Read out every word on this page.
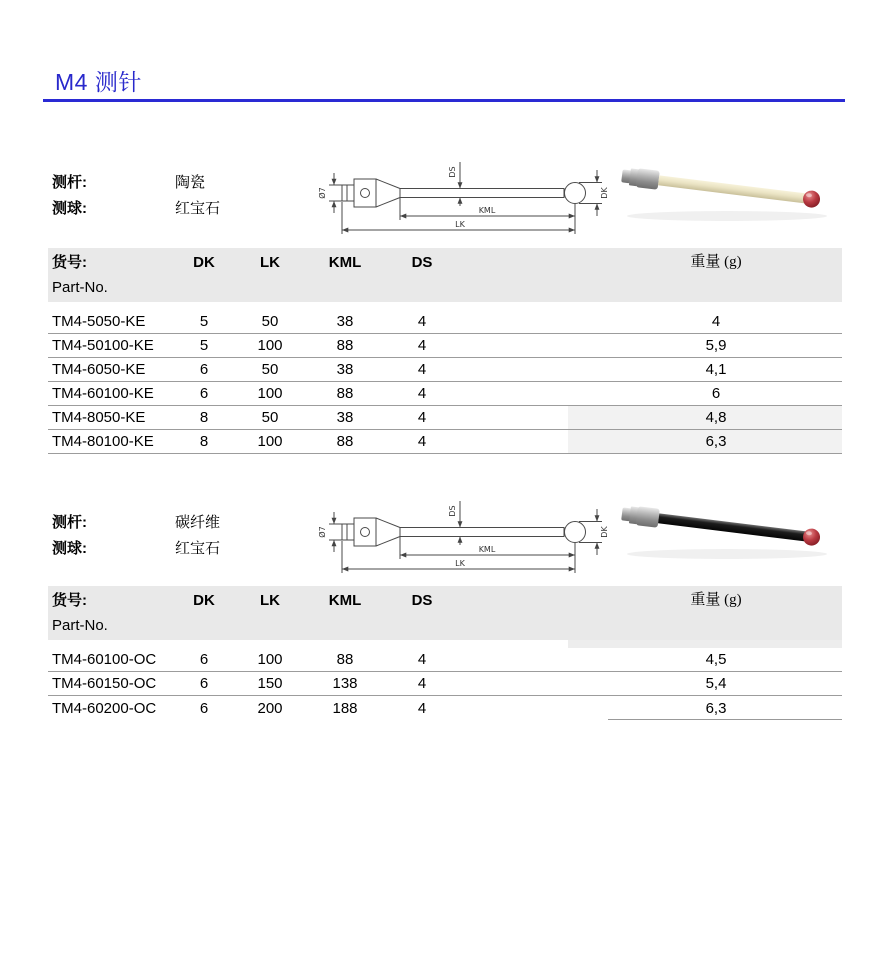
M4 测针
测杆:	陶瓷
测球:	红宝石
Ø7
DS
DK
KML
LK
货号:	DK	LK	KML	DS	重量 (g)
Part-No.
TM4-5050-KE	5	50	38	4	4
TM4-50100-KE	5	100	88	4	5,9
TM4-6050-KE	6	50	38	4	4,1
TM4-60100-KE	6	100	88	4	6
TM4-8050-KE	8	50	38	4	4,8
TM4-80100-KE	8	100	88	4	6,3
测杆:	碳纤维
测球:	红宝石
Ø7
DS
DK
KML
LK
货号:	DK	LK	KML	DS	重量 (g)
Part-No.
TM4-60100-OC	6	100	88	4	4,5
TM4-60150-OC	6	150	138	4	5,4
TM4-60200-OC	6	200	188	4	6,3
